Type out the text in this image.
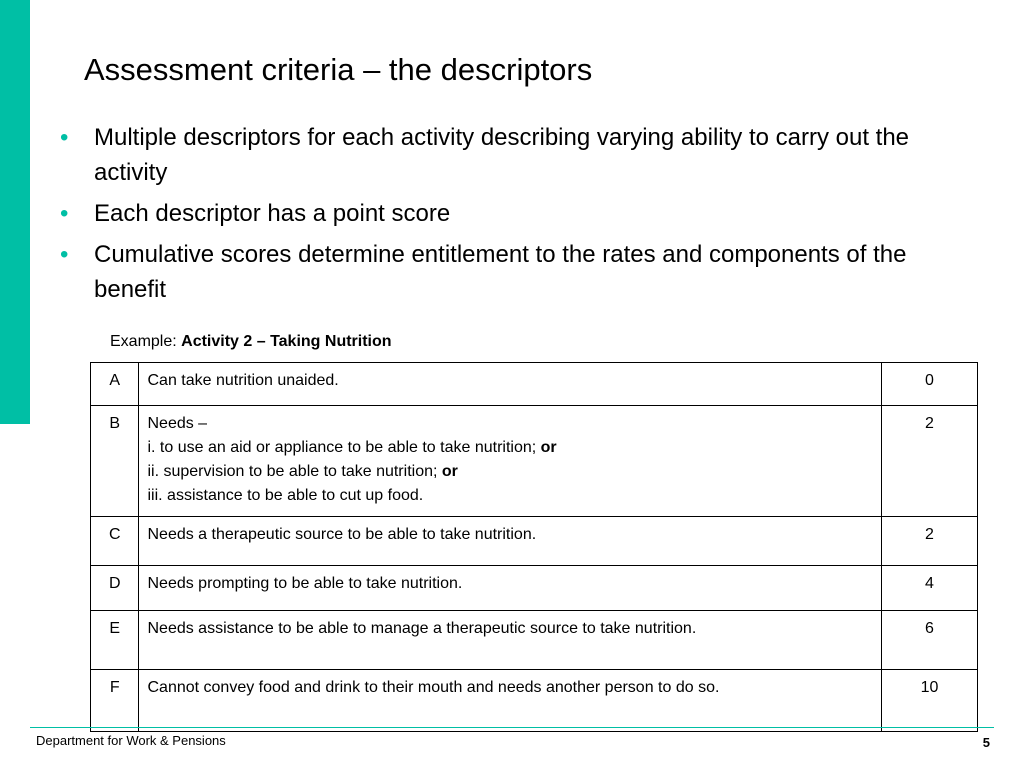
Assessment criteria – the descriptors
• Multiple descriptors for each activity describing varying ability to carry out the activity
• Each descriptor has a point score
• Cumulative scores determine entitlement to the rates and components of the benefit
Example: Activity 2 – Taking Nutrition
A	Can take nutrition unaided.	0
B	Needs –
i. to use an aid or appliance to be able to take nutrition; or
ii. supervision to be able to take nutrition; or
iii. assistance to be able to cut up food.	2
C	Needs a therapeutic source to be able to take nutrition.	2
D	Needs prompting to be able to take nutrition.	4
E	Needs assistance to be able to manage a therapeutic source to take nutrition.	6
F	Cannot convey food and drink to their mouth and needs another person to do so.	10
Department for Work & Pensions	5
